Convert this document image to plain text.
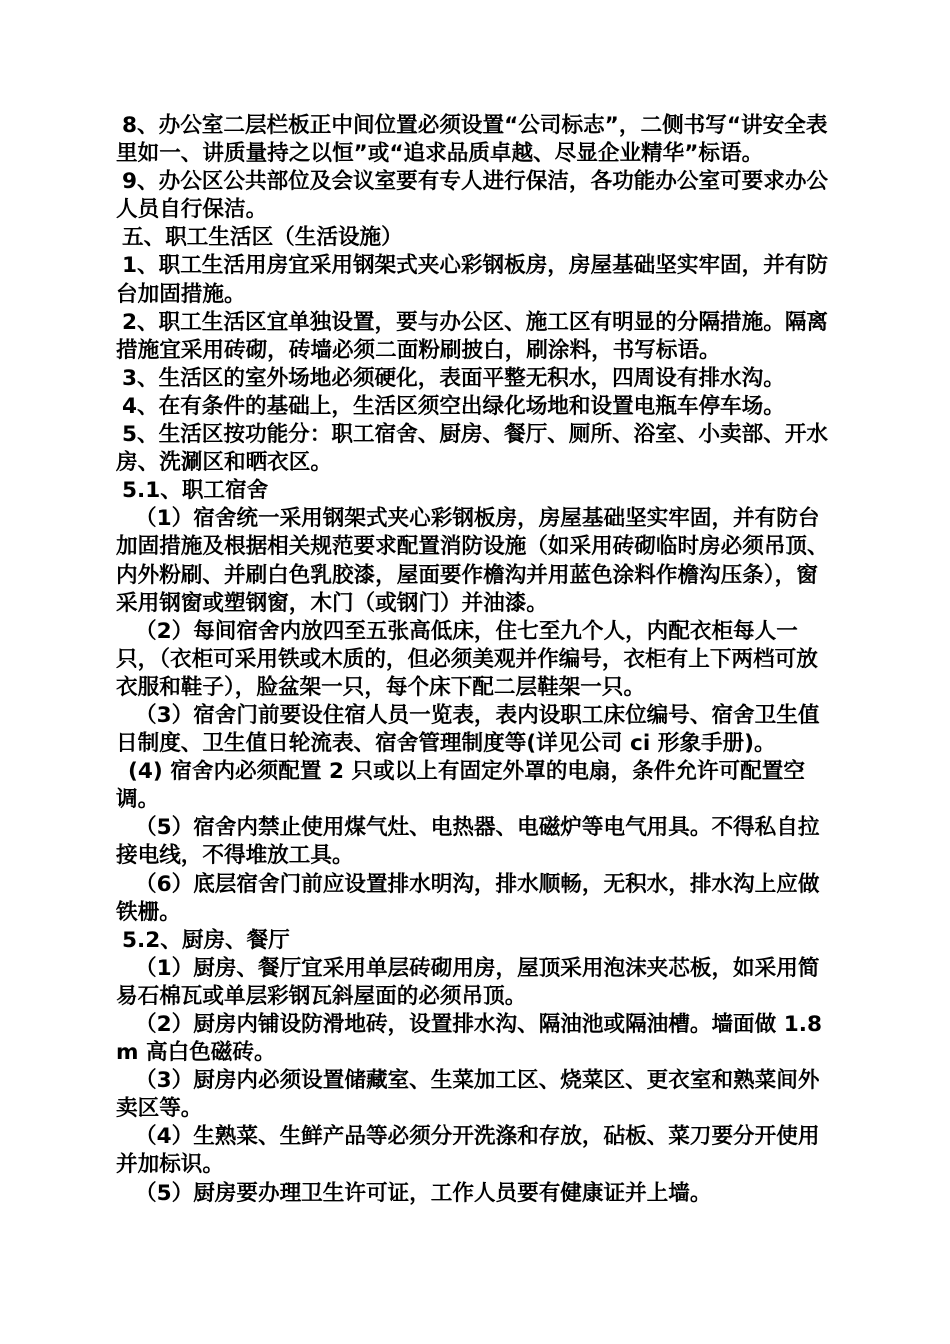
8、办公室二层栏板正中间位置必须设置“公司标志”，二侧书写“讲安全表里如一、讲质量持之以恒”或“追求品质卓越、尽显企业精华”标语。

9、办公区公共部位及会议室要有专人进行保洁，各功能办公室可要求办公人员自行保洁。

五、职工生活区（生活设施）

1、职工生活用房宜采用钢架式夹心彩钢板房，房屋基础坚实牢固，并有防台加固措施。

2、职工生活区宜单独设置，要与办公区、施工区有明显的分隔措施。隔离措施宜采用砖砌，砖墙必须二面粉刷披白，刷涂料，书写标语。

3、生活区的室外场地必须硬化，表面平整无积水，四周设有排水沟。

4、在有条件的基础上，生活区须空出绿化场地和设置电瓶车停车场。

5、生活区按功能分：职工宿舍、厨房、餐厅、厕所、浴室、小卖部、开水房、洗涮区和晒衣区。

5.1、职工宿舍

（1）宿舍统一采用钢架式夹心彩钢板房，房屋基础坚实牢固，并有防台加固措施及根据相关规范要求配置消防设施（如采用砖砌临时房必须吊顶、内外粉刷、并刷白色乳胶漆，屋面要作檐沟并用蓝色涂料作檐沟压条），窗采用钢窗或塑钢窗，木门（或钢门）并油漆。

（2）每间宿舍内放四至五张高低床，住七至九个人，内配衣柜每人一只，（衣柜可采用铁或木质的，但必须美观并作编号，衣柜有上下两档可放衣服和鞋子），脸盆架一只，每个床下配二层鞋架一只。

（3）宿舍门前要设住宿人员一览表，表内设职工床位编号、宿舍卫生值日制度、卫生值日轮流表、宿舍管理制度等(详见公司 ci 形象手册)。

(4) 宿舍内必须配置 2 只或以上有固定外罩的电扇，条件允许可配置空调。

（5）宿舍内禁止使用煤气灶、电热器、电磁炉等电气用具。不得私自拉接电线，不得堆放工具。

（6）底层宿舍门前应设置排水明沟，排水顺畅，无积水，排水沟上应做铁栅。

5.2、厨房、餐厅

（1）厨房、餐厅宜采用单层砖砌用房，屋顶采用泡沫夹芯板，如采用简易石棉瓦或单层彩钢瓦斜屋面的必须吊顶。

（2）厨房内铺设防滑地砖，设置排水沟、隔油池或隔油槽。墙面做 1.8m 高白色磁砖。

（3）厨房内必须设置储藏室、生菜加工区、烧菜区、更衣室和熟菜间外卖区等。

（4）生熟菜、生鲜产品等必须分开洗涤和存放，砧板、菜刀要分开使用并加标识。

（5）厨房要办理卫生许可证，工作人员要有健康证并上墙。
